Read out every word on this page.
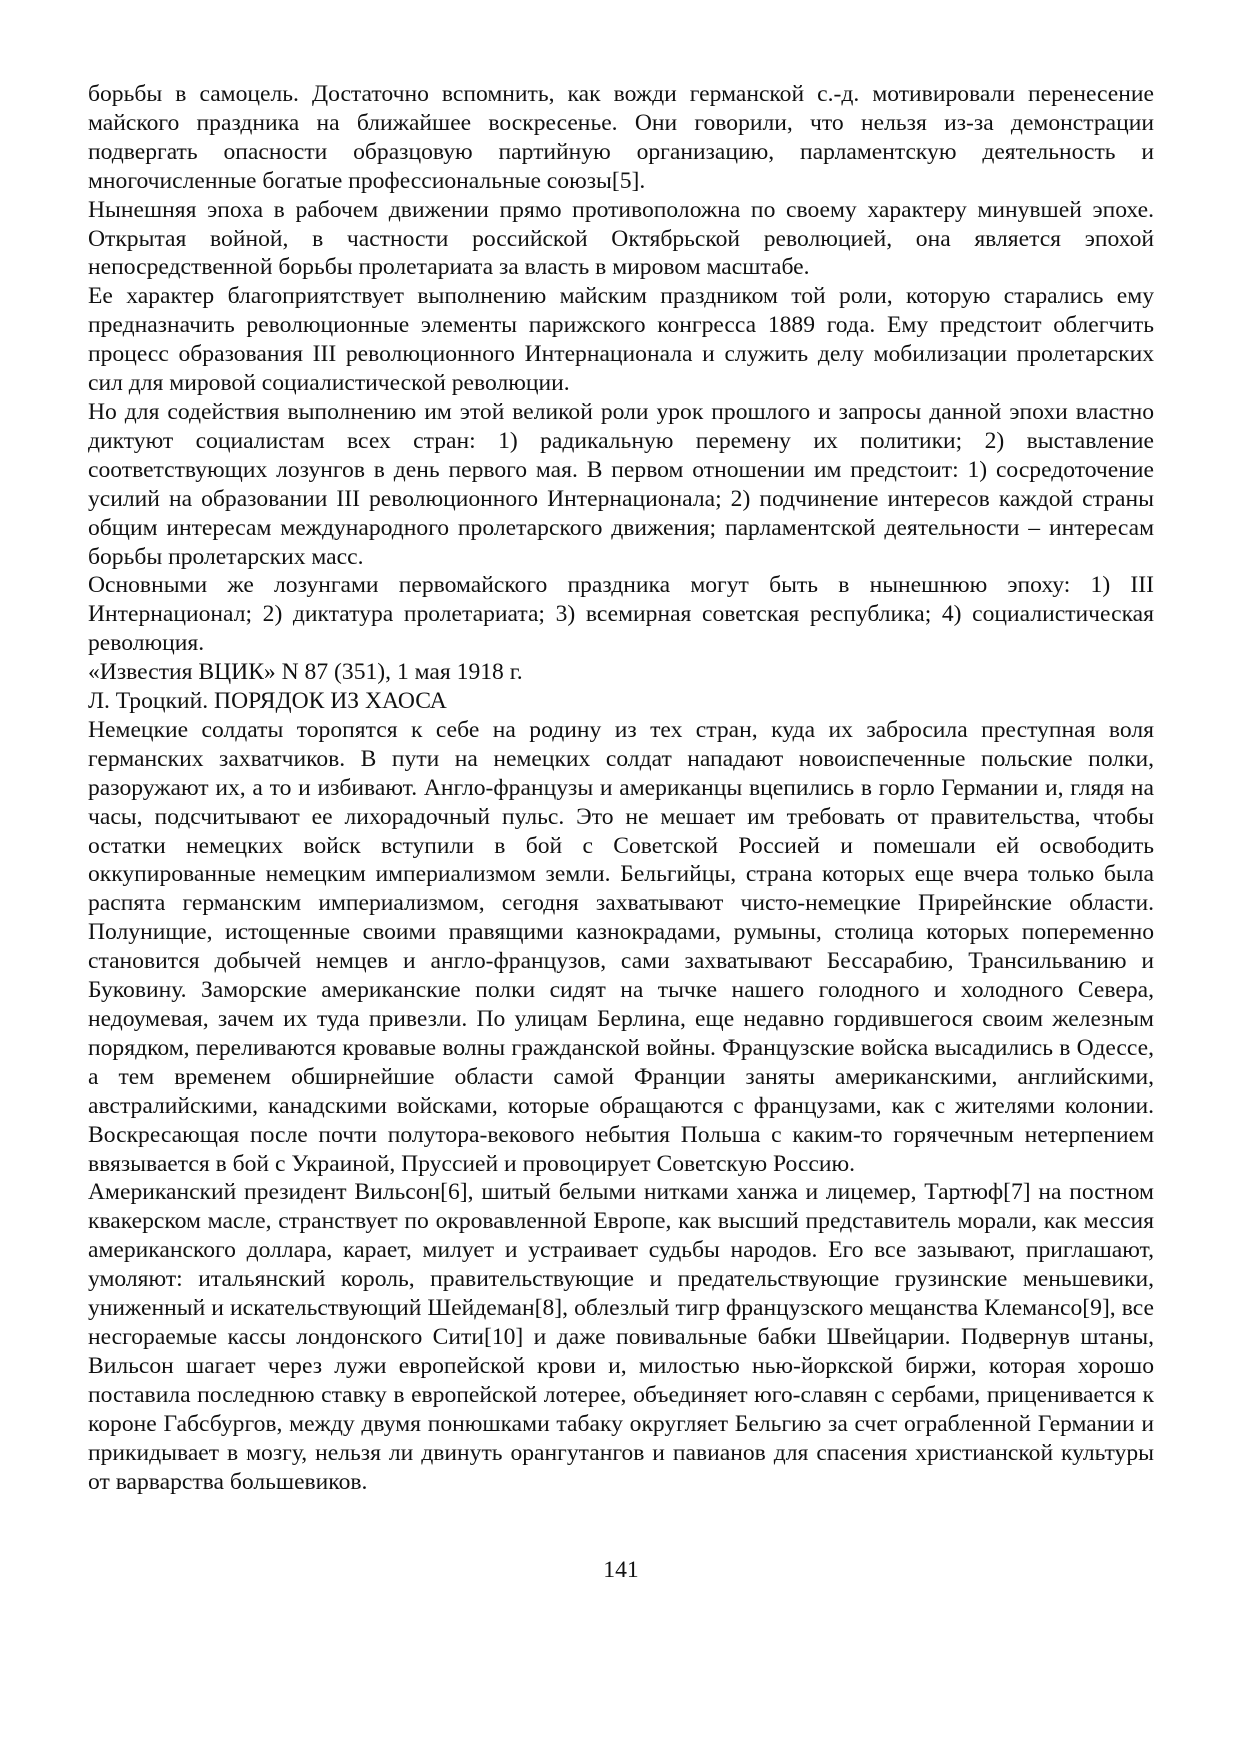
борьбы в самоцель. Достаточно вспомнить, как вожди германской с.-д. мотивировали перенесение майского праздника на ближайшее воскресенье. Они говорили, что нельзя из-за демонстрации подвергать опасности образцовую партийную организацию, парламентскую деятельность и многочисленные богатые профессиональные союзы[5].

Нынешняя эпоха в рабочем движении прямо противоположна по своему характеру минувшей эпохе. Открытая войной, в частности российской Октябрьской революцией, она является эпохой непосредственной борьбы пролетариата за власть в мировом масштабе.

Ее характер благоприятствует выполнению майским праздником той роли, которую старались ему предназначить революционные элементы парижского конгресса 1889 года. Ему предстоит облегчить процесс образования III революционного Интернационала и служить делу мобилизации пролетарских сил для мировой социалистической революции.

Но для содействия выполнению им этой великой роли урок прошлого и запросы данной эпохи властно диктуют социалистам всех стран: 1) радикальную перемену их политики; 2) выставление соответствующих лозунгов в день первого мая. В первом отношении им предстоит: 1) сосредоточение усилий на образовании III революционного Интернационала; 2) подчинение интересов каждой страны общим интересам международного пролетарского движения; парламентской деятельности – интересам борьбы пролетарских масс.

Основными же лозунгами первомайского праздника могут быть в нынешнюю эпоху: 1) III Интернационал; 2) диктатура пролетариата; 3) всемирная советская республика; 4) социалистическая революция.

«Известия ВЦИК» N 87 (351), 1 мая 1918 г.

Л. Троцкий. ПОРЯДОК ИЗ ХАОСА

Немецкие солдаты торопятся к себе на родину из тех стран, куда их забросила преступная воля германских захватчиков. В пути на немецких солдат нападают новоиспеченные польские полки, разоружают их, а то и избивают. Англо-французы и американцы вцепились в горло Германии и, глядя на часы, подсчитывают ее лихорадочный пульс. Это не мешает им требовать от правительства, чтобы остатки немецких войск вступили в бой с Советской Россией и помешали ей освободить оккупированные немецким империализмом земли. Бельгийцы, страна которых еще вчера только была распята германским империализмом, сегодня захватывают чисто-немецкие Прирейнские области. Полунищие, истощенные своими правящими казнокрадами, румыны, столица которых попеременно становится добычей немцев и англо-французов, сами захватывают Бессарабию, Трансильванию и Буковину. Заморские американские полки сидят на тычке нашего голодного и холодного Севера, недоумевая, зачем их туда привезли. По улицам Берлина, еще недавно гордившегося своим железным порядком, переливаются кровавые волны гражданской войны. Французские войска высадились в Одессе, а тем временем обширнейшие области самой Франции заняты американскими, английскими, австралийскими, канадскими войсками, которые обращаются с французами, как с жителями колонии. Воскресающая после почти полутора-векового небытия Польша с каким-то горячечным нетерпением ввязывается в бой с Украиной, Пруссией и провоцирует Советскую Россию.

Американский президент Вильсон[6], шитый белыми нитками ханжа и лицемер, Тартюф[7] на постном квакерском масле, странствует по окровавленной Европе, как высший представитель морали, как мессия американского доллара, карает, милует и устраивает судьбы народов. Его все зазывают, приглашают, умоляют: итальянский король, правительствующие и предательствующие грузинские меньшевики, униженный и искательствующий Шейдеман[8], облезлый тигр французского мещанства Клемансо[9], все несгораемые кассы лондонского Сити[10] и даже повивальные бабки Швейцарии. Подвернув штаны, Вильсон шагает через лужи европейской крови и, милостью нью-йоркской биржи, которая хорошо поставила последнюю ставку в европейской лотерее, объединяет юго-славян с сербами, приценивается к короне Габсбургов, между двумя понюшками табаку округляет Бельгию за счет ограбленной Германии и прикидывает в мозгу, нельзя ли двинуть орангутангов и павианов для спасения христианской культуры от варварства большевиков.

141
